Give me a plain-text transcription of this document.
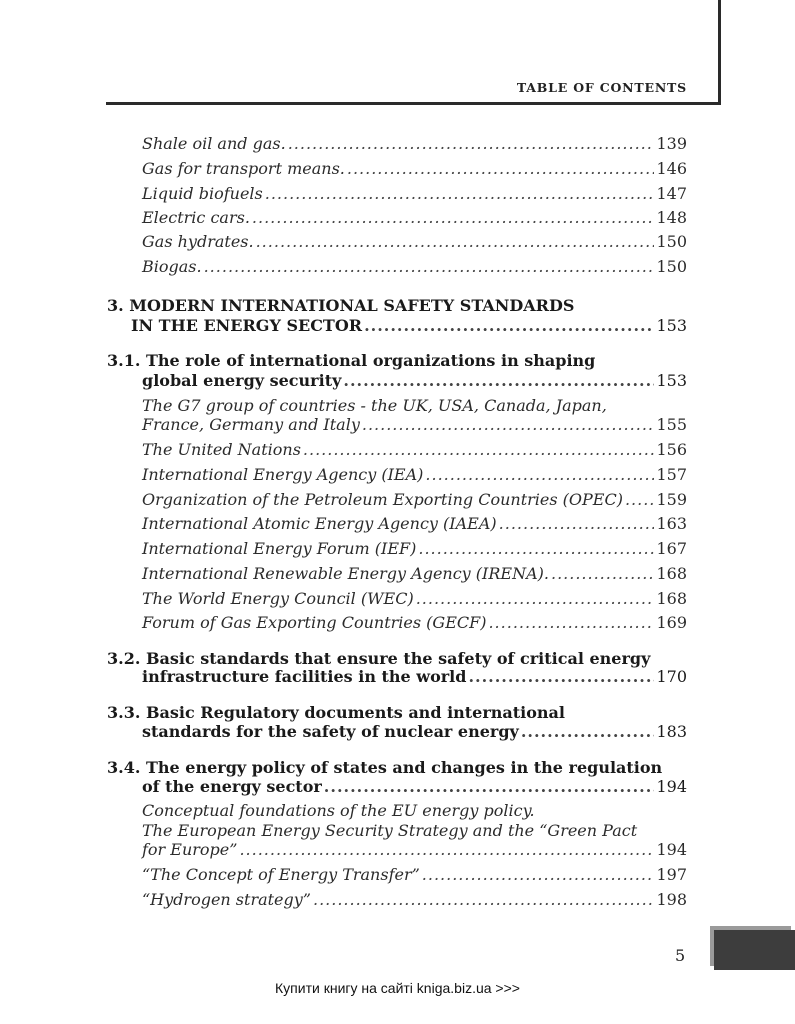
TABLE OF CONTENTS
Shale oil and gas. .....	139
Gas for transport means. .....	146
Liquid biofuels .....	147
Electric cars. .....	148
Gas hydrates. .....	150
Biogas. .....	150
3. MODERN INTERNATIONAL SAFETY STANDARDS
IN THE ENERGY SECTOR .....	153
3.1. The role of international organizations in shaping
global energy security .....	153
The G7 group of countries - the UK, USA, Canada, Japan,
France, Germany and Italy .....	155
The United Nations .....	156
International Energy Agency (IEA) .....	157
Organization of the Petroleum Exporting Countries (OPEC) ..... 159
International Atomic Energy Agency (IAEA) .....	163
International Energy Forum (IEF) .....	167
International Renewable Energy Agency (IRENA). .....	168
The World Energy Council (WEC) .....	168
Forum of Gas Exporting Countries (GECF) .....	169
3.2. Basic standards that ensure the safety of critical energy
infrastructure facilities in the world .....	170
3.3. Basic Regulatory documents and international
standards for the safety of nuclear energy .....	183
3.4. The energy policy of states and changes in the regulation
of the energy sector .....	194
Conceptual foundations of the EU energy policy.
The European Energy Security Strategy and the “Green Pact
for Europe” .....	194
“The Concept of Energy Transfer” .....	197
“Hydrogen strategy” .....	198
5
Купити книгу на сайті kniga.biz.ua >>>
